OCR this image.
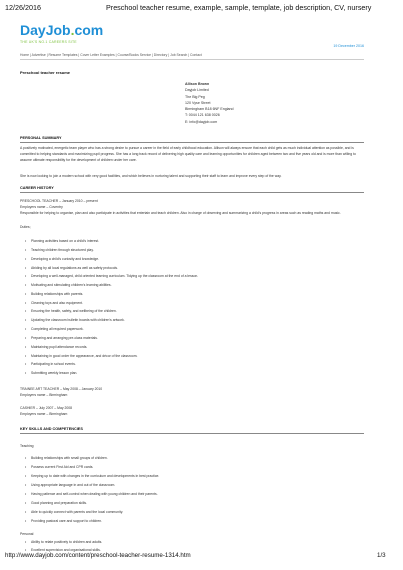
12/26/2016	Preschool teacher resume, example, sample, template, job description, CV, nursery
DayJob.com
THE UK'S NO.1 CAREERS SITE
19 December 2016
Home | Advertise | Resume Templates | Cover Letter Examples | Course/Books Service | Directory | Job Search | Contact
Preschool teacher resume
Allison Brown
Dayjob Limited
The Big Peg
120 Vyse Street
Birmingham B18 6NF England
T: 0044 121 638 0026
E: info@dayjob.com
PERSONAL SUMMARY
A positively motivated, energetic team player who has a strong desire to pursue a career in the field of early childhood education. Allison will always ensure that each child gets as much individual attention as possible, and is committed to helping standards and maximizing pupil progress. She has a long track record of delivering high quality care and learning opportunities for children aged between two and five years old and is more than willing to assume ultimate responsibility for the development of children under her care.
She is now looking to join a modern school with very good facilities, and which believes in nurturing talent and supporting their staff to learn and improve every step of the way.
CAREER HISTORY
PRESCHOOL TEACHER – January 2010 – present
Employers name – Coventry
Responsible for helping to organise, plan and also participate in activities that entertain and teach children. Also in charge of observing and summarizing a child's progress in areas such as reading maths and music.
Duties;
• Planning activities based on a child's interest.
• Teaching children through structured play.
• Developing a child's curiosity and knowledge.
• Abiding by all local regulations as well as safety protocols.
• Developing a well-managed, child oriented learning curriculum. Tidying up the classroom at the end of a lesson.
• Motivating and stimulating children's learning abilities.
• Building relationships with parents.
• Cleaning toys and also equipment.
• Ensuring the health, safety, and wellbeing of the children.
• Updating the classroom bulletin boards with children's artwork.
• Completing all required paperwork.
• Preparing and arranging pre-class materials.
• Maintaining pupil attendance records.
• Maintaining in good order the appearance, and décor of the classroom.
• Participating in school events.
• Submitting weekly lesson plan.
TRAINEE ART TEACHER – May 2008 – January 2010
Employers name – Birmingham
CASHIER – July 2007 – May 2008
Employers name – Birmingham
KEY SKILLS AND COMPETENCIES
Teaching
• Building relationships with small groups of children.
• Possess current First Aid and CPR cards.
• Keeping up to date with changes in the curriculum and developments in best practice.
• Using appropriate language in and out of the classroom.
• Having patience and self-control when dealing with young children and their parents.
• Good planning and preparation skills.
• Able to quickly connect with parents and the local community.
• Providing pastoral care and support to children.
Personal
• Ability to relate positively to children and adults.
• Excellent supervision and organisational skills.
http://www.dayjob.com/content/preschool-teacher-resume-1314.htm	1/3
